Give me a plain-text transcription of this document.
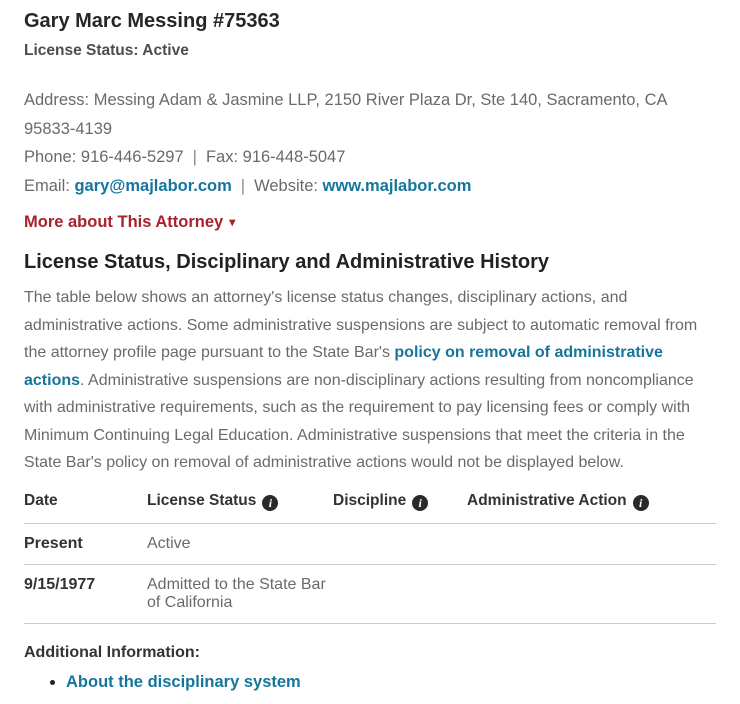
Gary Marc Messing #75363
License Status: Active
Address: Messing Adam & Jasmine LLP, 2150 River Plaza Dr, Ste 140, Sacramento, CA
95833-4139
Phone: 916-446-5297 | Fax: 916-448-5047
Email: gary@majlabor.com | Website: www.majlabor.com
More about This Attorney ▾
License Status, Disciplinary and Administrative History

The table below shows an attorney's license status changes, disciplinary actions, and administrative actions. Some administrative suspensions are subject to automatic removal from the attorney profile page pursuant to the State Bar's policy on removal of administrative actions. Administrative suspensions are non-disciplinary actions resulting from noncompliance with administrative requirements, such as the requirement to pay licensing fees or comply with Minimum Continuing Legal Education. Administrative suspensions that meet the criteria in the State Bar's policy on removal of administrative actions would not be displayed below.

Date	License Status i	Discipline i	Administrative Action i
Present	Active		
9/15/1977	Admitted to the State Bar of California		
Additional Information:
• About the disciplinary system
